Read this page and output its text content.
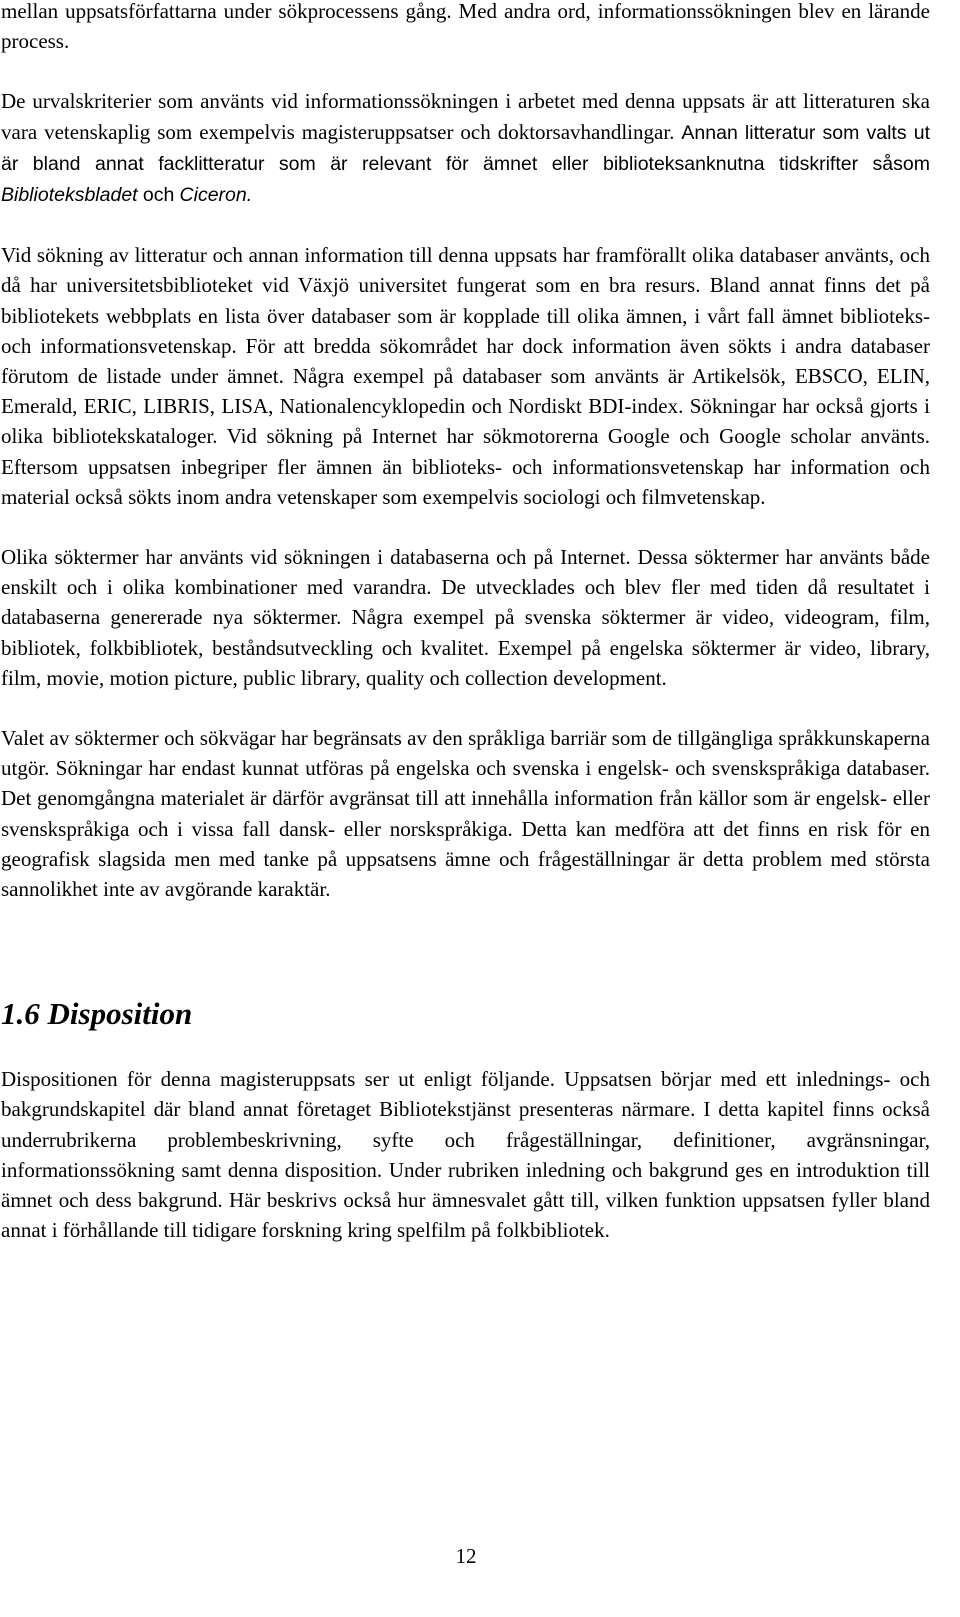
mellan uppsatsförfattarna under sökprocessens gång. Med andra ord, informationssökningen blev en lärande process.

De urvalskriterier som använts vid informationssökningen i arbetet med denna uppsats är att litteraturen ska vara vetenskaplig som exempelvis magisteruppsatser och doktorsavhandlingar. Annan litteratur som valts ut är bland annat facklitteratur som är relevant för ämnet eller biblioteksanknutna tidskrifter såsom Biblioteksbladet och Ciceron.

Vid sökning av litteratur och annan information till denna uppsats har framförallt olika databaser använts, och då har universitetsbiblioteket vid Växjö universitet fungerat som en bra resurs. Bland annat finns det på bibliotekets webbplats en lista över databaser som är kopplade till olika ämnen, i vårt fall ämnet biblioteks- och informationsvetenskap. För att bredda sökområdet har dock information även sökts i andra databaser förutom de listade under ämnet. Några exempel på databaser som använts är Artikelsök, EBSCO, ELIN, Emerald, ERIC, LIBRIS, LISA, Nationalencyklopedin och Nordiskt BDI-index. Sökningar har också gjorts i olika bibliotekskataloger. Vid sökning på Internet har sökmotorerna Google och Google scholar använts. Eftersom uppsatsen inbegriper fler ämnen än biblioteks- och informationsvetenskap har information och material också sökts inom andra vetenskaper som exempelvis sociologi och filmvetenskap.

Olika söktermer har använts vid sökningen i databaserna och på Internet. Dessa söktermer har använts både enskilt och i olika kombinationer med varandra. De utvecklades och blev fler med tiden då resultatet i databaserna genererade nya söktermer. Några exempel på svenska söktermer är video, videogram, film, bibliotek, folkbibliotek, beståndsutveckling och kvalitet. Exempel på engelska söktermer är video, library, film, movie, motion picture, public library, quality och collection development.

Valet av söktermer och sökvägar har begränsats av den språkliga barriär som de tillgängliga språkkunskaperna utgör. Sökningar har endast kunnat utföras på engelska och svenska i engelsk- och svenskspråkiga databaser. Det genomgångna materialet är därför avgränsat till att innehålla information från källor som är engelsk- eller svenskspråkiga och i vissa fall dansk- eller norskspråkiga. Detta kan medföra att det finns en risk för en geografisk slagsida men med tanke på uppsatsens ämne och frågeställningar är detta problem med största sannolikhet inte av avgörande karaktär.

1.6 Disposition

Dispositionen för denna magisteruppsats ser ut enligt följande. Uppsatsen börjar med ett inlednings- och bakgrundskapitel där bland annat företaget Bibliotekstjänst presenteras närmare. I detta kapitel finns också underrubrikerna problembeskrivning, syfte och frågeställningar, definitioner, avgränsningar, informationssökning samt denna disposition. Under rubriken inledning och bakgrund ges en introduktion till ämnet och dess bakgrund. Här beskrivs också hur ämnesvalet gått till, vilken funktion uppsatsen fyller bland annat i förhållande till tidigare forskning kring spelfilm på folkbibliotek.

12
